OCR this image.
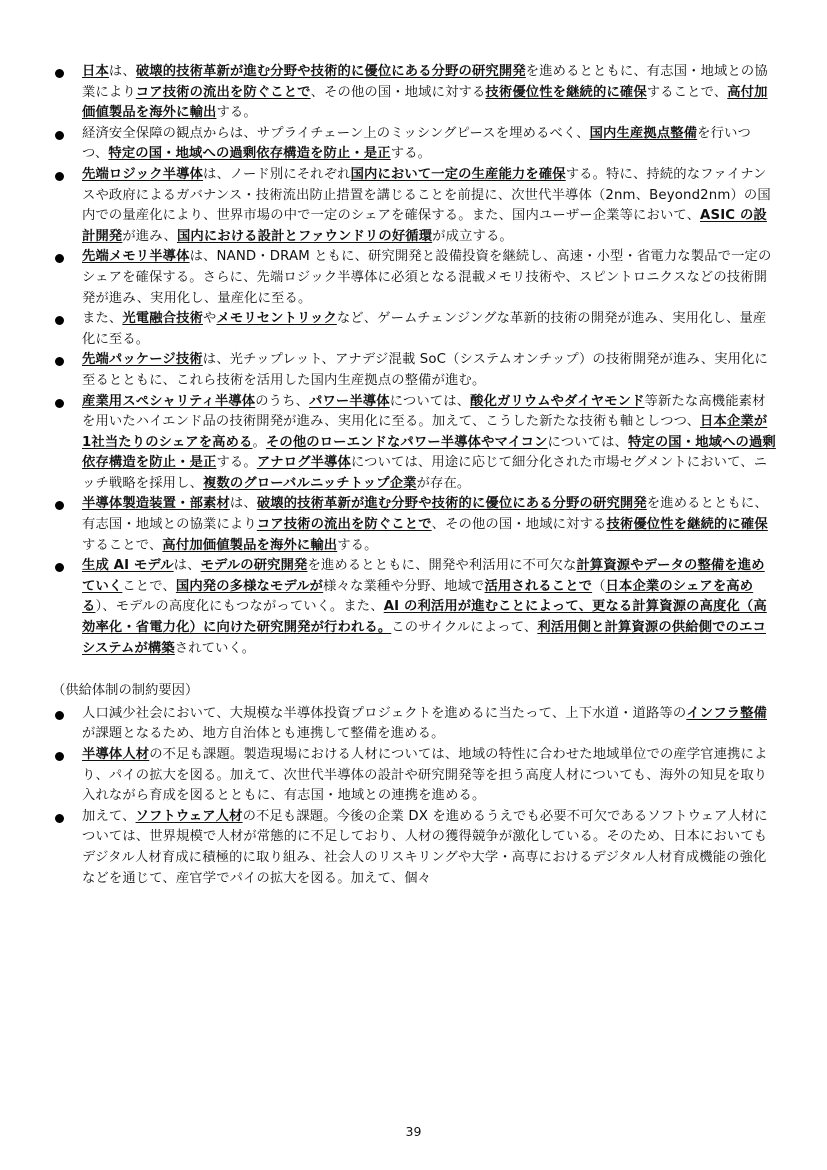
日本は、破壊的技術革新が進む分野や技術的に優位にある分野の研究開発を進めるとともに、有志国・地域との協業によりコア技術の流出を防ぐことで、その他の国・地域に対する技術優位性を継続的に確保することで、高付加価値製品を海外に輸出する。
経済安全保障の観点からは、サプライチェーン上のミッシングピースを埋めるべく、国内生産拠点整備を行いつつ、特定の国・地域への過剰依存構造を防止・是正する。
先端ロジック半導体は、ノード別にそれぞれ国内において一定の生産能力を確保する。特に、持続的なファイナンスや政府によるガバナンス・技術流出防止措置を講じることを前提に、次世代半導体（2nm、Beyond2nm）の国内での量産化により、世界市場の中で一定のシェアを確保する。また、国内ユーザー企業等において、ASIC の設計開発が進み、国内における設計とファウンドリの好循環が成立する。
先端メモリ半導体は、NAND・DRAM ともに、研究開発と設備投資を継続し、高速・小型・省電力な製品で一定のシェアを確保する。さらに、先端ロジック半導体に必須となる混載メモリ技術や、スピントロニクスなどの技術開発が進み、実用化し、量産化に至る。
また、光電融合技術やメモリセントリックなど、ゲームチェンジングな革新的技術の開発が進み、実用化し、量産化に至る。
先端パッケージ技術は、光チップレット、アナデジ混載 SoC（システムオンチップ）の技術開発が進み、実用化に至るとともに、これら技術を活用した国内生産拠点の整備が進む。
産業用スペシャリティ半導体のうち、パワー半導体については、酸化ガリウムやダイヤモンド等新たな高機能素材を用いたハイエンド品の技術開発が進み、実用化に至る。加えて、こうした新たな技術も軸としつつ、日本企業が1社当たりのシェアを高める。その他のローエンドなパワー半導体やマイコンについては、特定の国・地域への過剰依存構造を防止・是正する。アナログ半導体については、用途に応じて細分化された市場セグメントにおいて、ニッチ戦略を採用し、複数のグローバルニッチトップ企業が存在。
半導体製造装置・部素材は、破壊的技術革新が進む分野や技術的に優位にある分野の研究開発を進めるとともに、有志国・地域との協業によりコア技術の流出を防ぐことで、その他の国・地域に対する技術優位性を継続的に確保することで、高付加価値製品を海外に輸出する。
生成 AI モデルは、モデルの研究開発を進めるとともに、開発や利活用に不可欠な計算資源やデータの整備を進めていくことで、国内発の多様なモデルが様々な業種や分野、地域で活用されることで（日本企業のシェアを高める）、モデルの高度化にもつながっていく。また、AI の利活用が進むことによって、更なる計算資源の高度化（高効率化・省電力化）に向けた研究開発が行われる。このサイクルによって、利活用側と計算資源の供給側でのエコシステムが構築されていく。
（供給体制の制約要因）
人口減少社会において、大規模な半導体投資プロジェクトを進めるに当たって、上下水道・道路等のインフラ整備が課題となるため、地方自治体とも連携して整備を進める。
半導体人材の不足も課題。製造現場における人材については、地域の特性に合わせた地域単位での産学官連携により、パイの拡大を図る。加えて、次世代半導体の設計や研究開発等を担う高度人材についても、海外の知見を取り入れながら育成を図るとともに、有志国・地域との連携を進める。
加えて、ソフトウェア人材の不足も課題。今後の企業 DX を進めるうえでも必要不可欠であるソフトウェア人材については、世界規模で人材が常態的に不足しており、人材の獲得競争が激化している。そのため、日本においてもデジタル人材育成に積極的に取り組み、社会人のリスキリングや大学・高専におけるデジタル人材育成機能の強化などを通じて、産官学でパイの拡大を図る。加えて、個々
39
